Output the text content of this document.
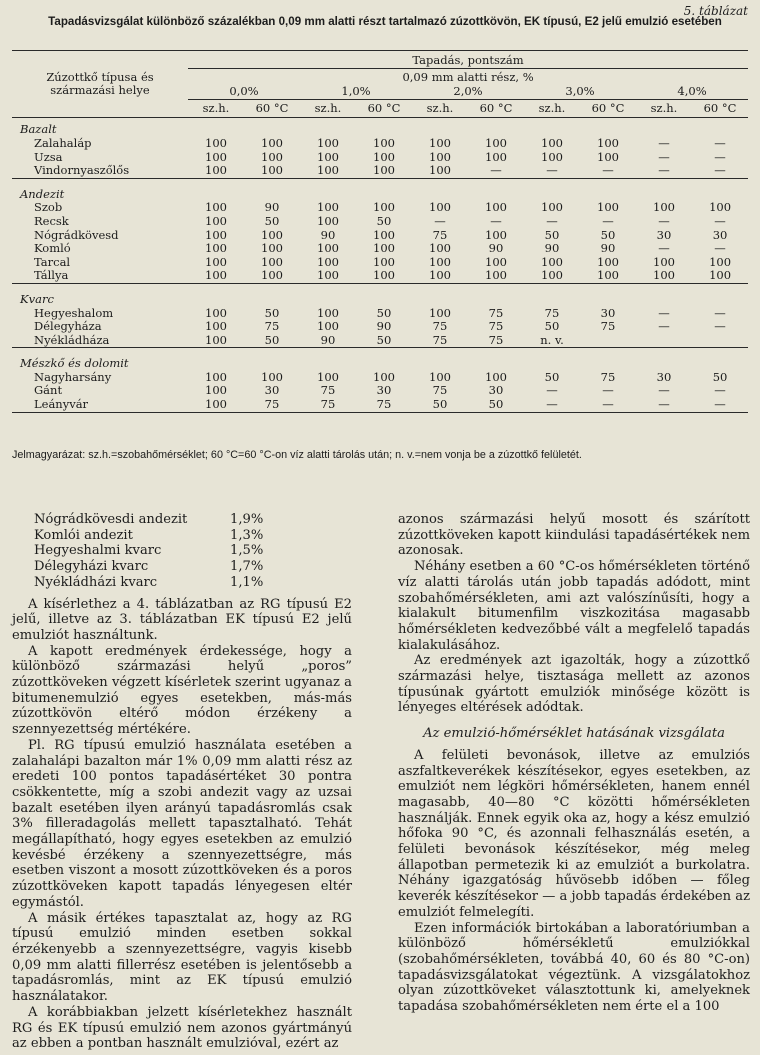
5. táblázat
Tapadásvizsgálat különböző százalékban 0,09 mm alatti részt tartalmazó zúzottkövön, EK típusú, E2 jelű emulzió esetében
Zúzottkő típusa és származási helye	Tapadás, pontszám									
	0,09 mm alatti rész, %									
	0,0%		1,0%		2,0%		3,0%		4,0%	
	sz.h.	60 °C	sz.h.	60 °C	sz.h.	60 °C	sz.h.	60 °C	sz.h.	60 °C
Bazalt										
Zalahaláp	100	100	100	100	100	100	100	100	—	—
Uzsa	100	100	100	100	100	100	100	100	—	—
Vindornyaszőlős	100	100	100	100	100	—	—	—	—	—
Andezit										
Szob	100	90	100	100	100	100	100	100	100	100
Recsk	100	50	100	50	—	—	—	—	—	—
Nógrádkövesd	100	100	90	100	75	100	50	50	30	30
Komló	100	100	100	100	100	90	90	90	—	—
Tarcal	100	100	100	100	100	100	100	100	100	100
Tállya	100	100	100	100	100	100	100	100	100	100
Kvarc										
Hegyeshalom	100	50	100	50	100	75	75	30	—	—
Délegyháza	100	75	100	90	75	75	50	75	—	—
Nyékládháza	100	50	90	50	75	75	n. v.			
Mészkő és dolomit										
Nagyharsány	100	100	100	100	100	100	50	75	30	50
Gánt	100	30	75	30	75	30	—	—	—	—
Leányvár	100	75	75	75	50	50	—	—	—	—
Jelmagyarázat: sz.h.=szobahőmérséklet; 60 °C=60 °C-on víz alatti tárolás után; n. v.=nem vonja be a zúzottkő felületét.
Nógrádkövesdi andezit	1,9%
Komlói andezit	1,3%
Hegyeshalmi kvarc	1,5%
Délegyházi kvarc	1,7%
Nyékládházi kvarc	1,1%

A kísérlethez a 4. táblázatban az RG típusú E2 jelű, illetve az 3. táblázatban EK típusú E2 jelű emulziót használtunk.

A kapott eredmények érdekessége, hogy a különböző származási helyű „poros” zúzottköveken végzett kísérletek szerint ugyanaz a bitumenemulzió egyes esetekben, más-más zúzottkövön eltérő módon érzékeny a szennyezettség mértékére.

Pl. RG típusú emulzió használata esetében a zalahalápi bazalton már 1% 0,09 mm alatti rész az eredeti 100 pontos tapadásértéket 30 pontra csökkentette, míg a szobi andezit vagy az uzsai bazalt esetében ilyen arányú tapadásromlás csak 3% filleradagolás mellett tapasztalható. Tehát megállapítható, hogy egyes esetekben az emulzió kevésbé érzékeny a szennyezettségre, más esetben viszont a mosott zúzottköveken és a poros zúzottköveken kapott tapadás lényegesen eltér egymástól.

A másik értékes tapasztalat az, hogy az RG típusú emulzió minden esetben sokkal érzékenyebb a szennyezettségre, vagyis kisebb 0,09 mm alatti fillerrész esetében is jelentősebb a tapadásromlás, mint az EK típusú emulzió használatakor.

A korábbiakban jelzett kísérletekhez használt RG és EK típusú emulzió nem azonos gyártmányú az ebben a pontban használt emulzióval, ezért az

azonos származási helyű mosott és szárított zúzottköveken kapott kiindulási tapadásértékek nem azonosak.

Néhány esetben a 60 °C-os hőmérsékleten történő víz alatti tárolás után jobb tapadás adódott, mint szobahőmérsékleten, ami azt valószínűsíti, hogy a kialakult bitumenfilm viszkozitása magasabb hőmérsékleten kedvezőbbé vált a megfelelő tapadás kialakulásához.

Az eredmények azt igazolták, hogy a zúzottkő származási helye, tisztasága mellett az azonos típusúnak gyártott emulziók minősége között is lényeges eltérések adódtak.

Az emulzió-hőmérséklet hatásának vizsgálata

A felületi bevonások, illetve az emulziós aszfaltkeverékek készítésekor, egyes esetekben, az emulziót nem légköri hőmérsékleten, hanem ennél magasabb, 40—80 °C közötti hőmérsékleten használják. Ennek egyik oka az, hogy a kész emulzió hőfoka 90 °C, és azonnali felhasználás esetén, a felületi bevonások készítésekor, még meleg állapotban permetezik ki az emulziót a burkolatra. Néhány igazgatóság hűvösebb időben — főleg keverék készítésekor — a jobb tapadás érdekében az emulziót felmelegíti.

Ezen információk birtokában a laboratóriumban a különböző hőmérsékletű emulziókkal (szobahőmérsékleten, továbbá 40, 60 és 80 °C-on) tapadásvizsgálatokat végeztünk. A vizsgálatokhoz olyan zúzottköveket választottunk ki, amelyeknek tapadása szobahőmérsékleten nem érte el a 100
